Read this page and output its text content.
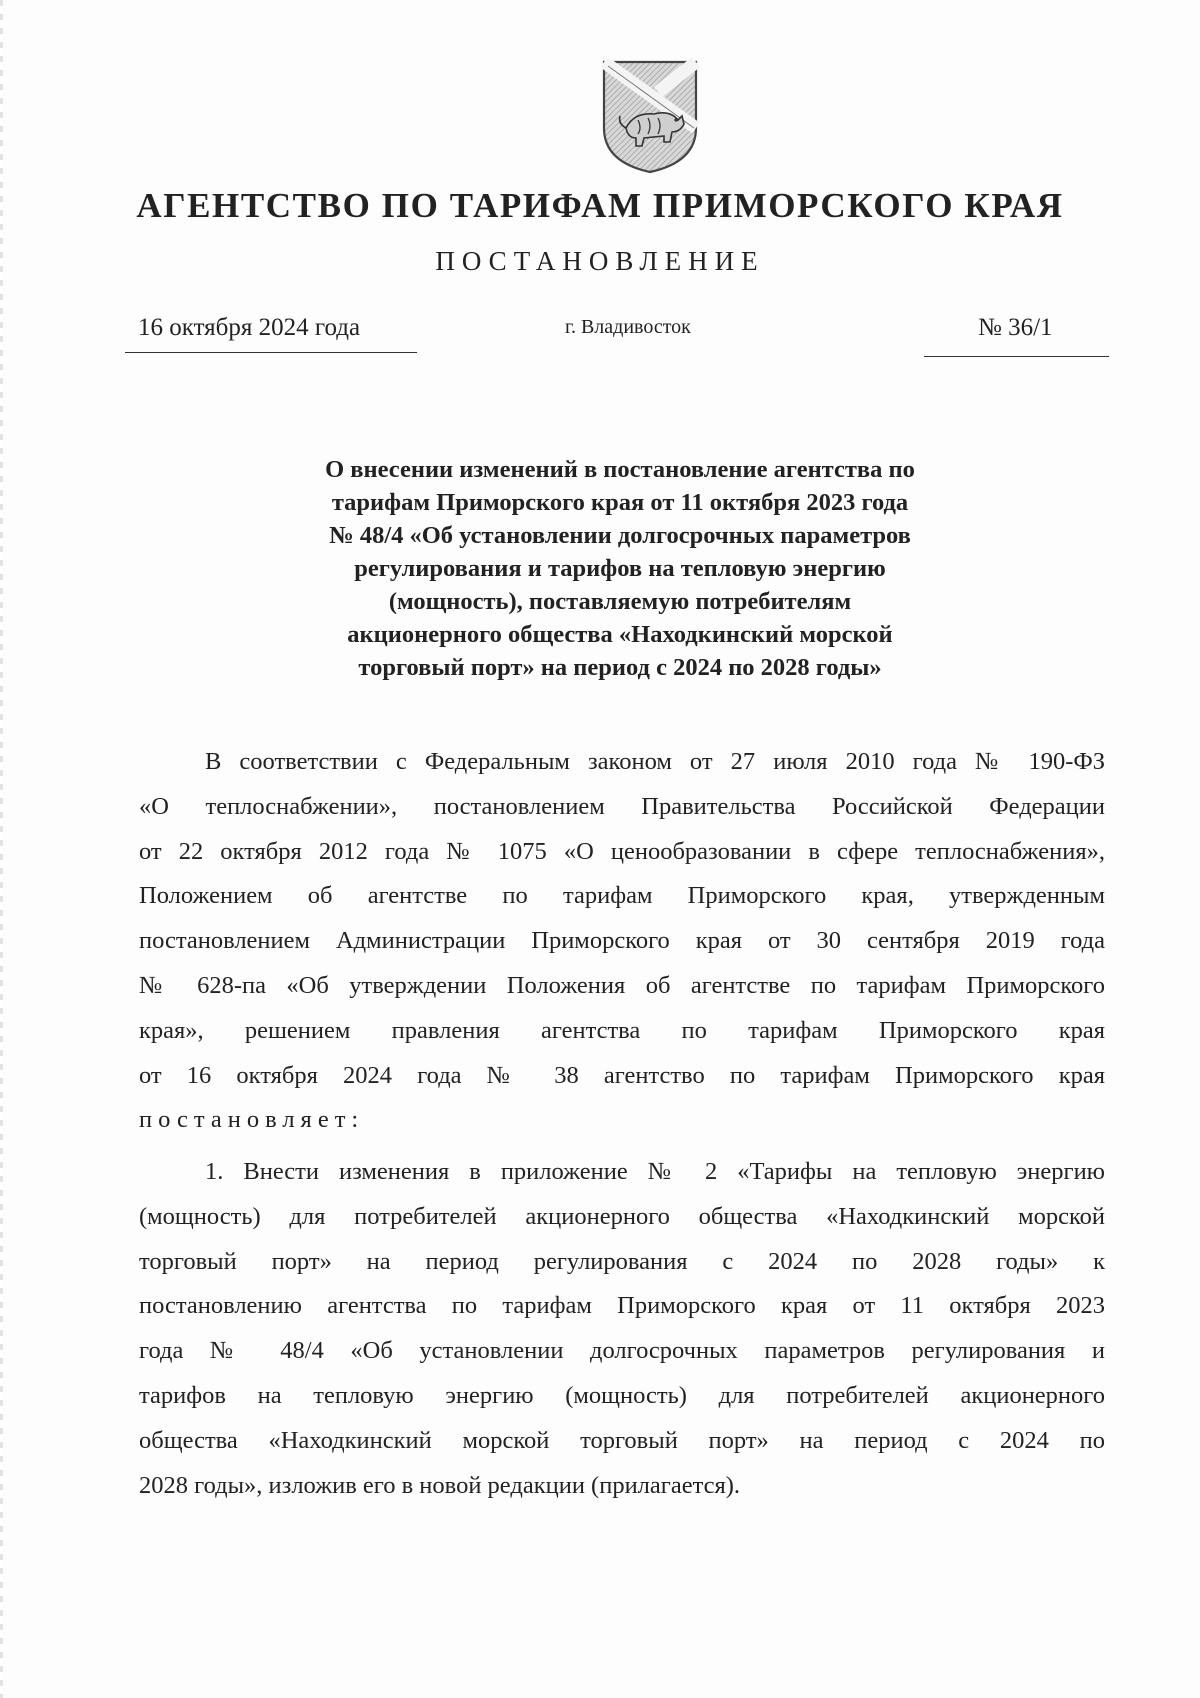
АГЕНТСТВО ПО ТАРИФАМ ПРИМОРСКОГО КРАЯ
ПОСТАНОВЛЕНИЕ
16 октября 2024 года	г. Владивосток	№ 36/1
О внесении изменений в постановление агентства по
тарифам Приморского края от 11 октября 2023 года
№ 48/4 «Об установлении долгосрочных параметров
регулирования и тарифов на тепловую энергию
(мощность), поставляемую потребителям
акционерного общества «Находкинский морской
торговый порт» на период с 2024 по 2028 годы»
В соответствии с Федеральным законом от 27 июля 2010 года № 190-ФЗ
«О теплоснабжении», постановлением Правительства Российской Федерации
от 22 октября 2012 года № 1075 «О ценообразовании в сфере теплоснабжения»,
Положением об агентстве по тарифам Приморского края, утвержденным
постановлением Администрации Приморского края от 30 сентября 2019 года
№ 628-па «Об утверждении Положения об агентстве по тарифам Приморского
края», решением правления агентства по тарифам Приморского края
от 16 октября 2024 года № 38 агентство по тарифам Приморского края
постановляет:
1. Внести изменения в приложение № 2 «Тарифы на тепловую энергию
(мощность) для потребителей акционерного общества «Находкинский морской
торговый порт» на период регулирования с 2024 по 2028 годы» к
постановлению агентства по тарифам Приморского края от 11 октября 2023
года № 48/4 «Об установлении долгосрочных параметров регулирования и
тарифов на тепловую энергию (мощность) для потребителей акционерного
общества «Находкинский морской торговый порт» на период с 2024 по
2028 годы», изложив его в новой редакции (прилагается).
